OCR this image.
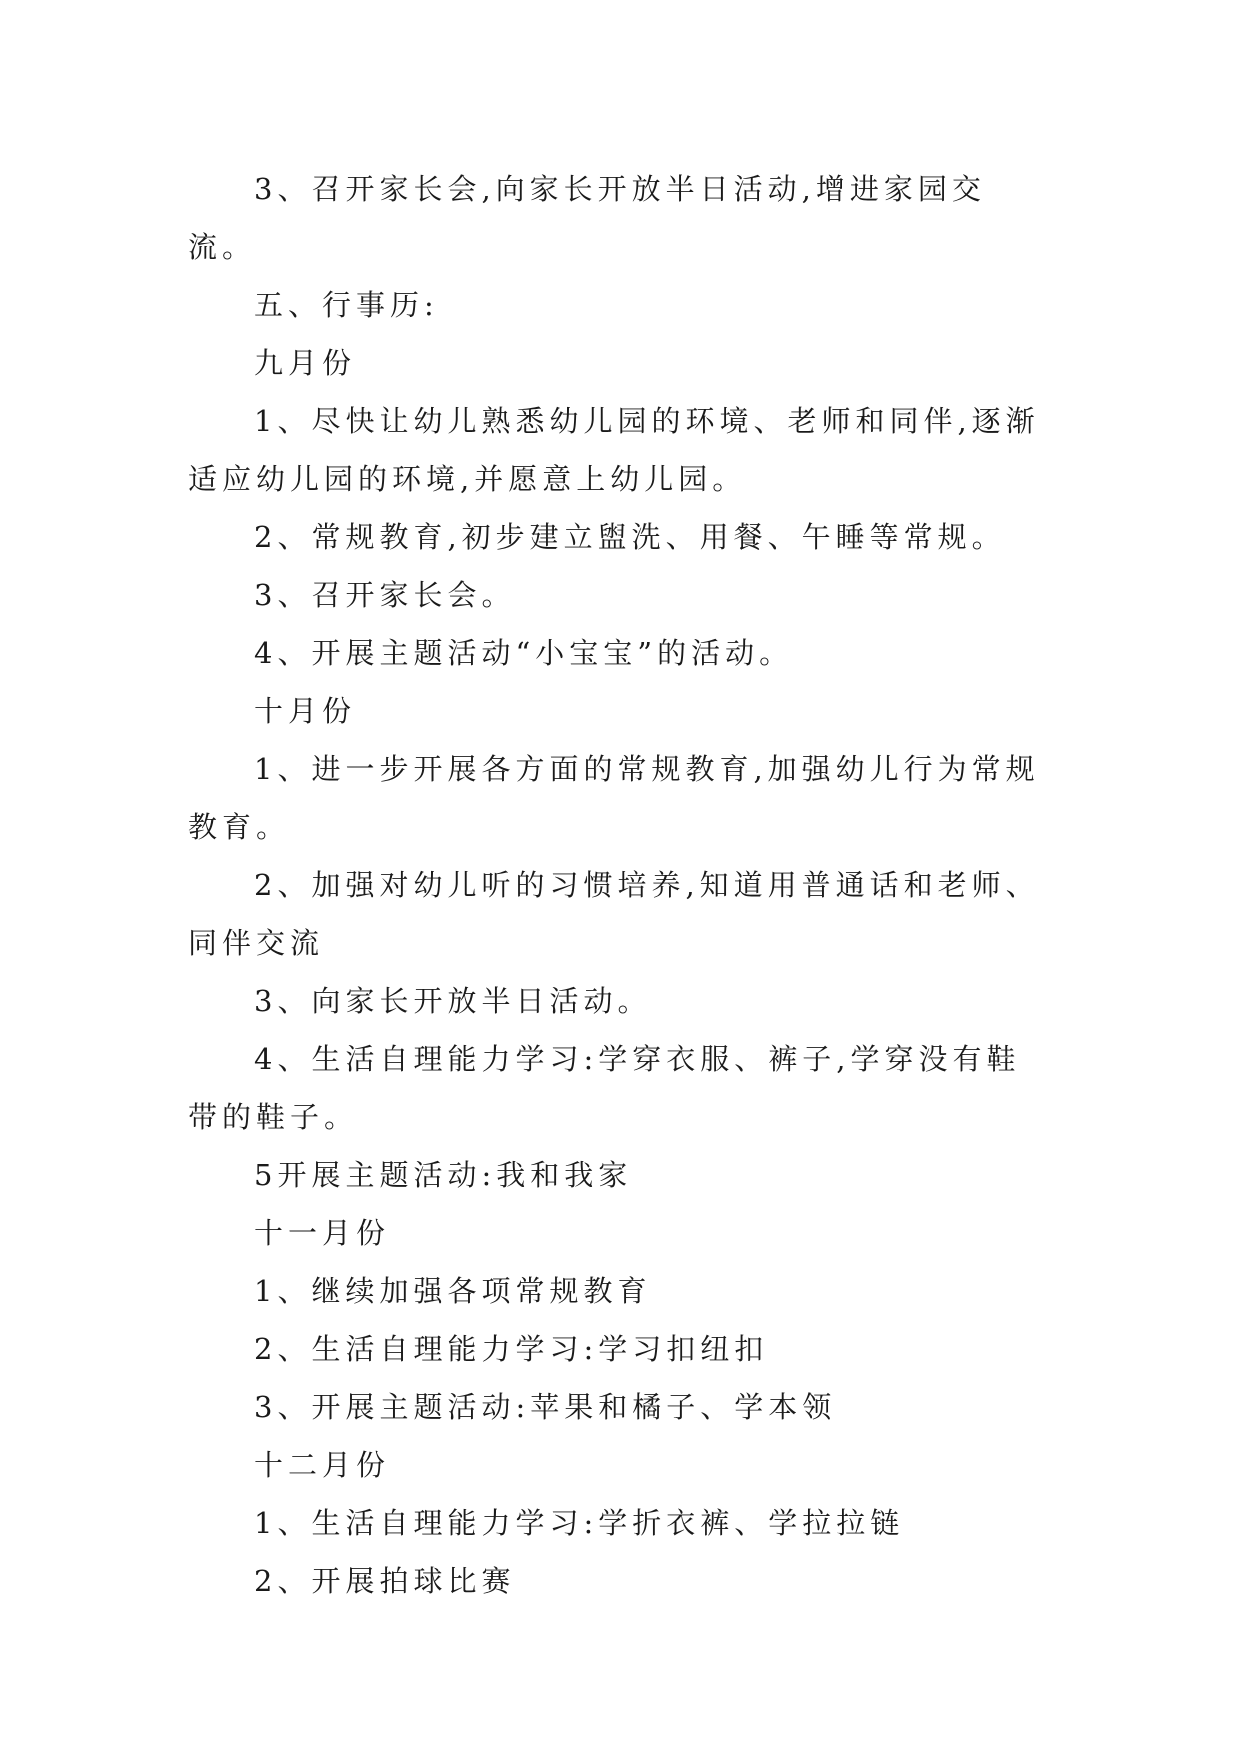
3、召开家长会,向家长开放半日活动,增进家园交流。

五、行事历:

九月份

1、尽快让幼儿熟悉幼儿园的环境、老师和同伴,逐渐适应幼儿园的环境,并愿意上幼儿园。

2、常规教育,初步建立盥洗、用餐、午睡等常规。

3、召开家长会。

4、开展主题活动“小宝宝”的活动。

十月份

1、进一步开展各方面的常规教育,加强幼儿行为常规教育。

2、加强对幼儿听的习惯培养,知道用普通话和老师、同伴交流

3、向家长开放半日活动。

4、生活自理能力学习:学穿衣服、裤子,学穿没有鞋带的鞋子。

5开展主题活动:我和我家

十一月份

1、继续加强各项常规教育

2、生活自理能力学习:学习扣纽扣

3、开展主题活动:苹果和橘子、学本领

十二月份

1、生活自理能力学习:学折衣裤、学拉拉链

2、开展拍球比赛
